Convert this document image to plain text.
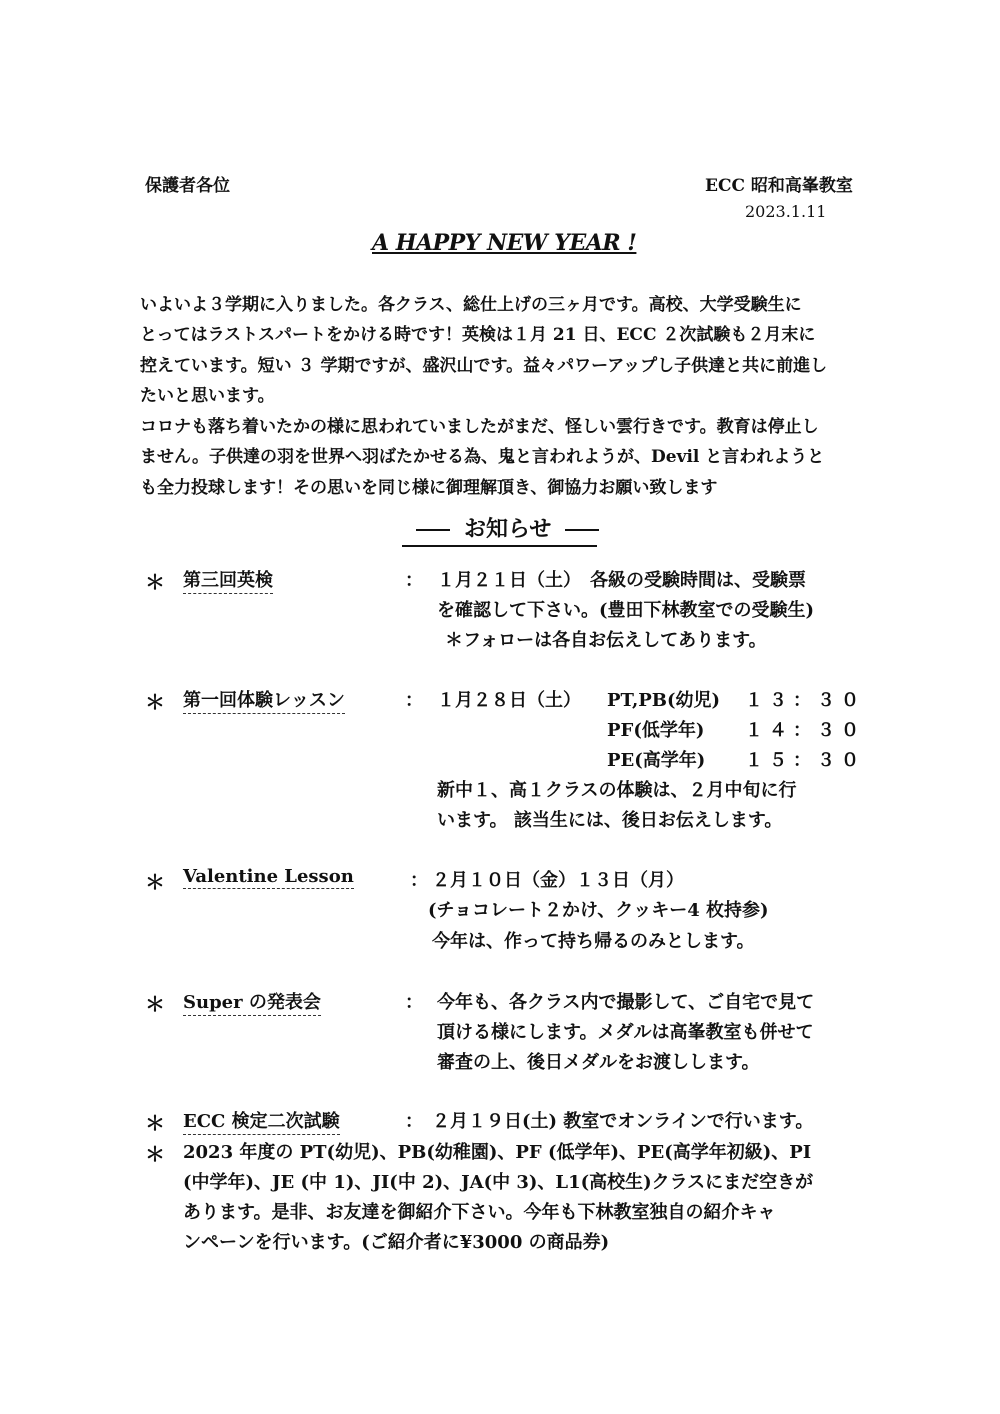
保護者各位	ECC 昭和高峯教室
2023.1.11
A HAPPY NEW YEAR !
いよいよ３学期に入りました。各クラス、総仕上げの三ヶ月です。高校、大学受験生に
とってはラストスパートをかける時です！英検は１月 21 日、ECC ２次試験も２月末に
控えています。短い ３ 学期ですが、盛沢山です。益々パワーアップし子供達と共に前進し
たいと思います。
コロナも落ち着いたかの様に思われていましたがまだ、怪しい雲行きです。教育は停止し
ません。子供達の羽を世界へ羽ばたかせる為、鬼と言われようが、Devil と言われようと
も全力投球します！その思いを同じ様に御理解頂き、御協力お願い致します
お知らせ
＊ 第三回英検	： １月２１日（土）　各級の受験時間は、受験票
を確認して下さい。(豊田下林教室での受験生)
＊フォローは各自お伝えしてあります。
＊ 第一回体験レッスン	： １月２８日（土） PT,PB(幼児) １３：３０
PF(低学年) １４：３０
PE(高学年) １５：３０
新中１、高１クラスの体験は、２月中旬に行
います。 該当生には、後日お伝えします。
＊ Valentine Lesson	： ２月１０日（金）１３日（月）
(チョコレート２かけ、クッキー4 枚持参)
今年は、作って持ち帰るのみとします。
＊ Super の発表会	： 今年も、各クラス内で撮影して、ご自宅で見て
頂ける様にします。メダルは高峯教室も併せて
審査の上、後日メダルをお渡しします。
＊ ECC 検定二次試験	： ２月１９日(土) 教室でオンラインで行います。
＊ 2023 年度の PT(幼児)、PB(幼稚園)、PF (低学年)、PE(高学年初級)、PI
(中学年)、JE (中 1)、JI(中 2)、JA(中 3)、L1(高校生)クラスにまだ空きが
あります。是非、お友達を御紹介下さい。今年も下林教室独自の紹介キャ
ンペーンを行います。(ご紹介者に¥3000 の商品券)
